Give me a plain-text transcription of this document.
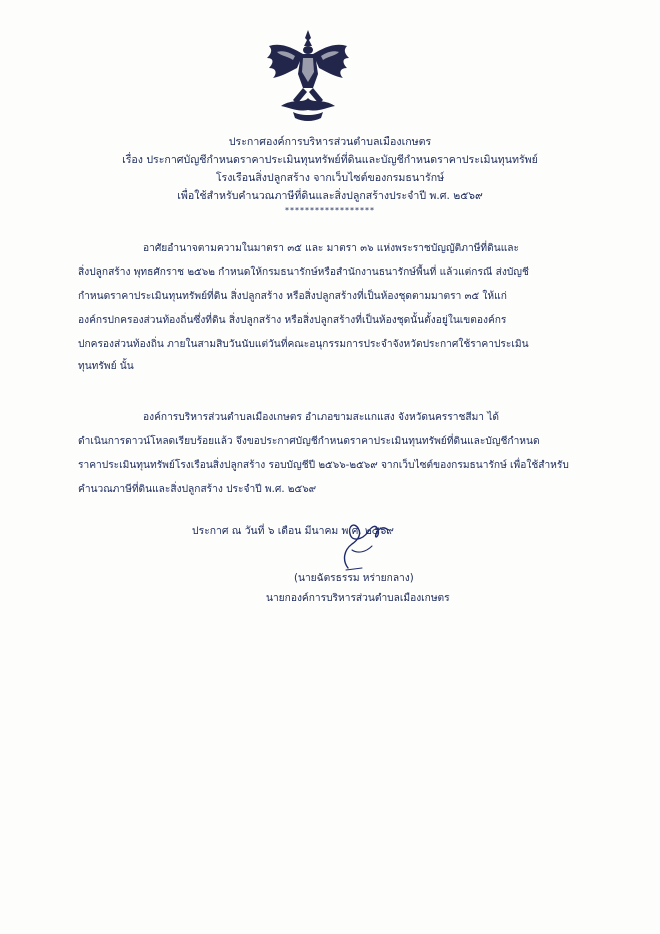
ประกาศองค์การบริหารส่วนตำบลเมืองเกษตร
เรื่อง ประกาศบัญชีกำหนดราคาประเมินทุนทรัพย์ที่ดินและบัญชีกำหนดราคาประเมินทุนทรัพย์
โรงเรือนสิ่งปลูกสร้าง จากเว็บไซต์ของกรมธนารักษ์
เพื่อใช้สำหรับคำนวณภาษีที่ดินและสิ่งปลูกสร้างประจำปี พ.ศ. ๒๕๖๙
******************
อาศัยอำนาจตามความในมาตรา ๓๕ และ มาตรา ๓๖ แห่งพระราชบัญญัติภาษีที่ดินและ
สิ่งปลูกสร้าง พุทธศักราช ๒๕๖๒ กำหนดให้กรมธนารักษ์หรือสำนักงานธนารักษ์พื้นที่ แล้วแต่กรณี ส่งบัญชี
กำหนดราคาประเมินทุนทรัพย์ที่ดิน สิ่งปลูกสร้าง หรือสิ่งปลูกสร้างที่เป็นห้องชุดตามมาตรา ๓๕ ให้แก่
องค์กรปกครองส่วนท้องถิ่นซึ่งที่ดิน สิ่งปลูกสร้าง หรือสิ่งปลูกสร้างที่เป็นห้องชุดนั้นตั้งอยู่ในเขตองค์กร
ปกครองส่วนท้องถิ่น ภายในสามสิบวันนับแต่วันที่คณะอนุกรรมการประจำจังหวัดประกาศใช้ราคาประเมิน
ทุนทรัพย์ นั้น
องค์การบริหารส่วนตำบลเมืองเกษตร อำเภอขามสะแกแสง จังหวัดนครราชสีมา ได้
ดำเนินการดาวน์โหลดเรียบร้อยแล้ว จึงขอประกาศบัญชีกำหนดราคาประเมินทุนทรัพย์ที่ดินและบัญชีกำหนด
ราคาประเมินทุนทรัพย์โรงเรือนสิ่งปลูกสร้าง รอบบัญชีปี ๒๕๖๖-๒๕๖๙ จากเว็บไซต์ของกรมธนารักษ์ เพื่อใช้สำหรับ
คำนวณภาษีที่ดินและสิ่งปลูกสร้าง ประจำปี พ.ศ. ๒๕๖๙
ประกาศ ณ วันที่ ๖ เดือน มีนาคม พ.ศ. ๒๕๖๙
(นายฉัตรธรรม หร่ายกลาง)
นายกองค์การบริหารส่วนตำบลเมืองเกษตร
